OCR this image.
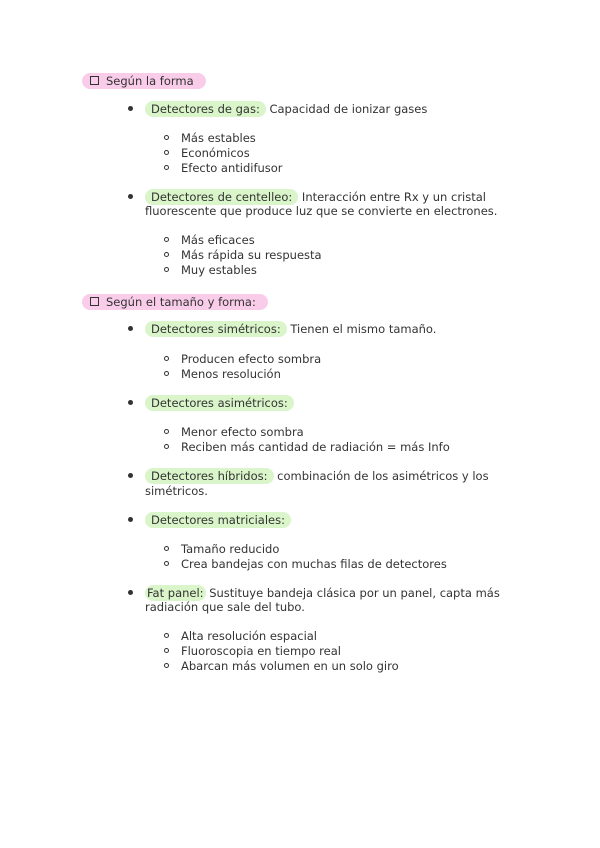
Según la forma
Detectores de gas: Capacidad de ionizar gases
Más estables
Económicos
Efecto antidifusor
Detectores de centelleo: Interacción entre Rx y un cristal
fluorescente que produce luz que se convierte en electrones.
Más eficaces
Más rápida su respuesta
Muy estables
Según el tamaño y forma:
Detectores simétricos: Tienen el mismo tamaño.
Producen efecto sombra
Menos resolución
Detectores asimétricos:
Menor efecto sombra
Reciben más cantidad de radiación = más Info
Detectores híbridos: combinación de los asimétricos y los
simétricos.
Detectores matriciales:
Tamaño reducido
Crea bandejas con muchas filas de detectores
Fat panel: Sustituye bandeja clásica por un panel, capta más
radiación que sale del tubo.
Alta resolución espacial
Fluoroscopia en tiempo real
Abarcan más volumen en un solo giro
